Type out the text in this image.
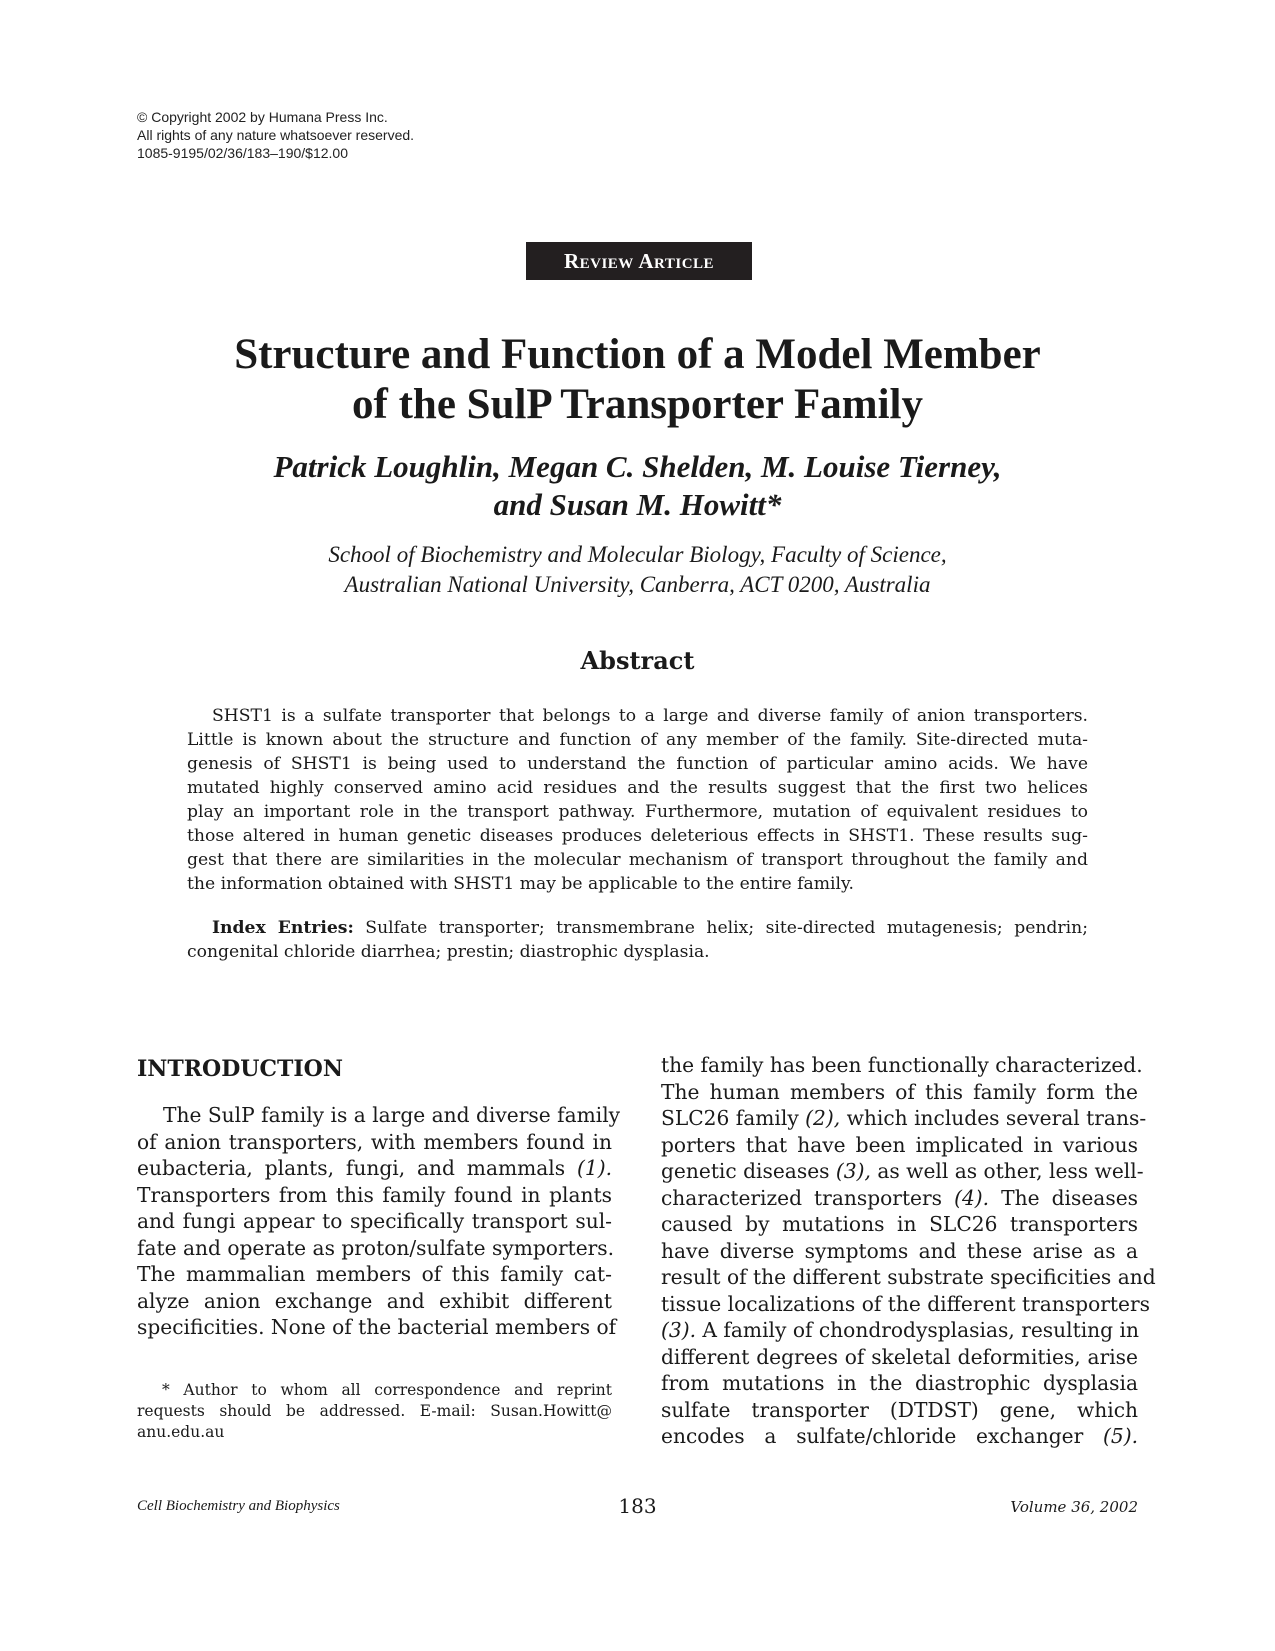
© Copyright 2002 by Humana Press Inc.
All rights of any nature whatsoever reserved.
1085-9195/02/36/183–190/$12.00
Review Article
Structure and Function of a Model Member
of the SulP Transporter Family
Patrick Loughlin, Megan C. Shelden, M. Louise Tierney,
and Susan M. Howitt*
School of Biochemistry and Molecular Biology, Faculty of Science,
Australian National University, Canberra, ACT 0200, Australia
Abstract
SHST1 is a sulfate transporter that belongs to a large and diverse family of anion transporters.
Little is known about the structure and function of any member of the family. Site-directed muta-
genesis of SHST1 is being used to understand the function of particular amino acids. We have
mutated highly conserved amino acid residues and the results suggest that the first two helices
play an important role in the transport pathway. Furthermore, mutation of equivalent residues to
those altered in human genetic diseases produces deleterious effects in SHST1. These results sug-
gest that there are similarities in the molecular mechanism of transport throughout the family and
the information obtained with SHST1 may be applicable to the entire family.
Index Entries: Sulfate transporter; transmembrane helix; site-directed mutagenesis; pendrin;
congenital chloride diarrhea; prestin; diastrophic dysplasia.
INTRODUCTION
The SulP family is a large and diverse family
of anion transporters, with members found in
eubacteria, plants, fungi, and mammals (1).
Transporters from this family found in plants
and fungi appear to specifically transport sul-
fate and operate as proton/sulfate symporters.
The mammalian members of this family cat-
alyze anion exchange and exhibit different
specificities. None of the bacterial members of
the family has been functionally characterized.
The human members of this family form the
SLC26 family (2), which includes several trans-
porters that have been implicated in various
genetic diseases (3), as well as other, less well-
characterized transporters (4). The diseases
caused by mutations in SLC26 transporters
have diverse symptoms and these arise as a
result of the different substrate specificities and
tissue localizations of the different transporters
(3). A family of chondrodysplasias, resulting in
different degrees of skeletal deformities, arise
from mutations in the diastrophic dysplasia
sulfate transporter (DTDST) gene, which
encodes a sulfate/chloride exchanger (5).
* Author to whom all correspondence and reprint
requests should be addressed. E-mail: Susan.Howitt@
anu.edu.au
Cell Biochemistry and Biophysics	183	Volume 36, 2002
